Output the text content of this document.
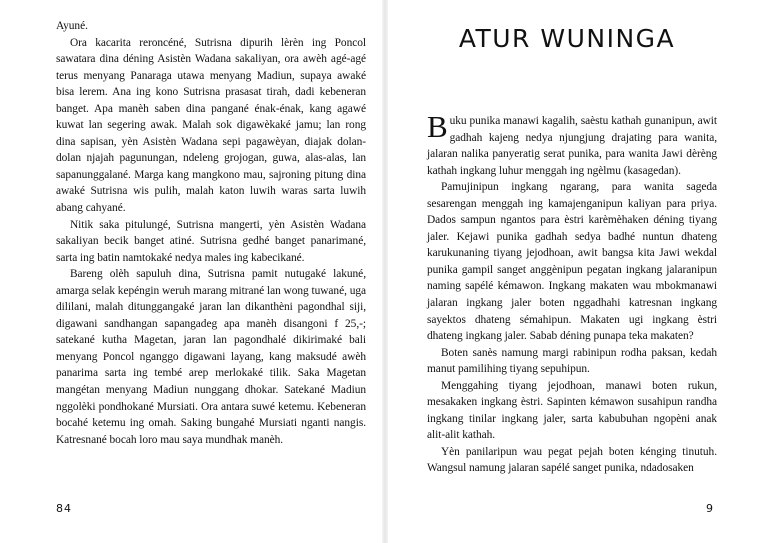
Ayuné.

Ora kacarita reroncéné, Sutrisna dipurih lèrèn ing Poncol sawatara dina déning Asistèn Wadana sakaliyan, ora awèh agé-agé terus menyang Panaraga utawa menyang Madiun, supaya awaké bisa lerem. Ana ing kono Sutrisna prasasat tirah, dadi kebeneran banget. Apa manèh saben dina pangané énak-énak, kang agawé kuwat lan segering awak. Malah sok digawèkaké jamu; lan rong dina sapisan, yèn Asistèn Wadana sepi pagawèyan, diajak dolan-dolan njajah pagunungan, ndeleng grojogan, guwa, alas-alas, lan sapanunggalané. Marga kang mangkono mau, sajroning pitung dina awaké Sutrisna wis pulih, malah katon luwih waras sarta luwih abang cahyané.

Nitik saka pitulungé, Sutrisna mangerti, yèn Asistèn Wadana sakaliyan becik banget atiné. Sutrisna gedhé banget panarimané, sarta ing batin namtokaké nedya males ing kabecikané.

Bareng olèh sapuluh dina, Sutrisna pamit nutugaké lakuné, amarga selak kepéngin weruh marang mitrané lan wong tuwané, uga dililani, malah ditunggangaké jaran lan dikanthèni pagondhal siji, digawani sandhangan sapangadeg apa manèh disangoni f 25,-; satekané kutha Magetan, jaran lan pagondhalé dikirimaké bali menyang Poncol nganggo digawani layang, kang maksudé awèh panarima sarta ing tembé arep merlokaké tilik. Saka Magetan mangétan menyang Madiun nunggang dhokar. Satekané Madiun nggolèki pondhokané Mursiati. Ora antara suwé ketemu. Kebeneran bocahé ketemu ing omah. Saking bungahé Mursiati nganti nangis. Katresnané bocah loro mau saya mundhak manèh.

84
ATUR WUNINGA

Buku punika manawi kagalih, saèstu kathah gunanipun, awit gadhah kajeng nedya njungjung drajating para wanita, jalaran nalika panyeratig serat punika, para wanita Jawi dèrèng kathah ingkang luhur menggah ing ngèlmu (kasagedan).

Pamujinipun ingkang ngarang, para wanita sageda sesarengan menggah ing kamajenganipun kaliyan para priya. Dados sampun ngantos para èstri karèmèhaken déning tiyang jaler. Kejawi punika gadhah sedya badhé nuntun dhateng karukunaning tiyang jejodhoan, awit bangsa kita Jawi wekdal punika gampil sanget anggènipun pegatan ingkang jalaranipun naming sapélé kémawon. Ingkang makaten wau mbokmanawi jalaran ingkang jaler boten nggadhahi katresnan ingkang sayektos dhateng sémahipun. Makaten ugi ingkang èstri dhateng ingkang jaler. Sabab déning punapa teka makaten?

Boten sanès namung margi rabinipun rodha paksan, kedah manut pamilihing tiyang sepuhipun.

Menggahing tiyang jejodhoan, manawi boten rukun, mesakaken ingkang èstri. Sapinten kémawon susahipun randha ingkang tinilar ingkang jaler, sarta kabubuhan ngopèni anak alit-alit kathah.

Yèn panilaripun wau pegat pejah boten kénging tinutuh. Wangsul namung jalaran sapélé sanget punika, ndadosaken

9
